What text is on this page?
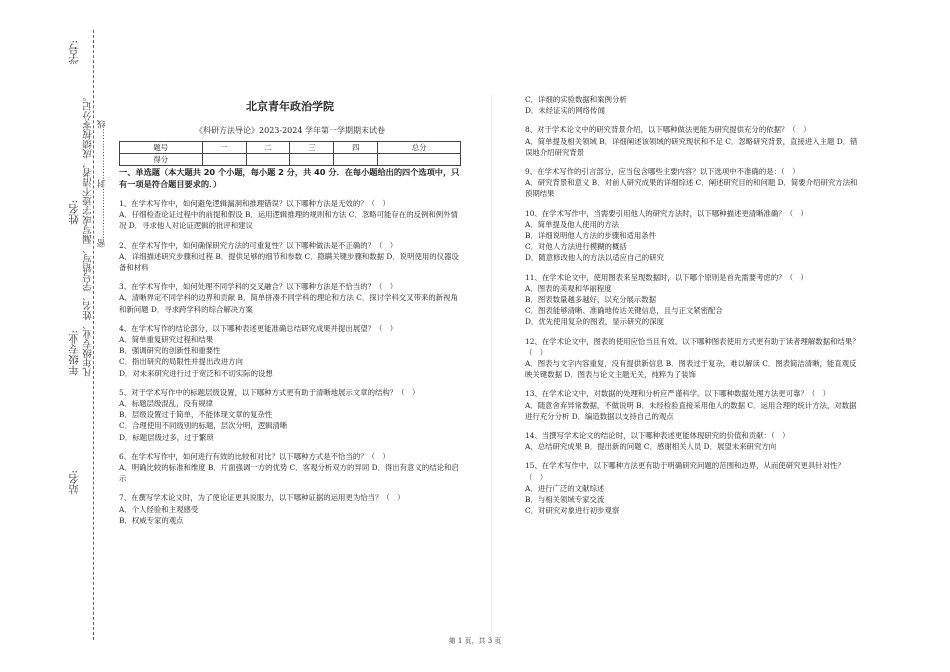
学号:
姓名:
年级专业:
站名:
凡年级专业、姓名、学号错写、漏写或字迹不清者，成绩按零分记。 密………………封………………线
北京青年政治学院
《科研方法导论》2023-2024 学年第一学期期末试卷
题号	一	二	三	四	总分
得分					

一、单选题（本大题共 20 个小题，每小题 2 分，共 40 分．在每小题给出的四个选项中，只有一项是符合题目要求的．）

1、在学术写作中，如何避免逻辑漏洞和推理错误？以下哪种方法是无效的？（　）

A．仔细检查论证过程中的前提和假设 B．运用逻辑推理的规则和方法 C．忽略可能存在的反例和例外情况 D．寻求他人对论证逻辑的批评和建议

2、在学术写作中，如何确保研究方法的可重复性？以下哪种做法是不正确的？（　）

A．详细描述研究步骤和过程 B．提供足够的细节和参数 C．隐瞒关键步骤和数据 D．说明使用的仪器设备和材料

3、在学术写作中，如何处理不同学科的交叉融合？以下哪种方法是不恰当的？（　）

A．清晰界定不同学科的边界和贡献 B．简单拼凑不同学科的理论和方法 C．探讨学科交叉带来的新视角和新问题 D．寻求跨学科的综合解决方案

4、在学术写作的结论部分，以下哪种表述更能准确总结研究成果并提出展望？（　）

A．简单重复研究过程和结果

B．强调研究的创新性和重要性

C．指出研究的局限性并提出改进方向

D．对未来研究进行过于宽泛和不切实际的设想

5、对于学术写作中的标题层级设置，以下哪种方式更有助于清晰地展示文章的结构？（　）

A．标题层级混乱，没有规律

B．层级设置过于简单，不能体现文章的复杂性

C．合理使用不同级别的标题，层次分明，逻辑清晰

D．标题层级过多，过于繁琐

6、在学术写作中，如何进行有效的比较和对比？以下哪种方式是不恰当的？（　）

A．明确比较的标准和维度 B．片面强调一方的优势 C．客观分析双方的异同 D．得出有意义的结论和启示

7、在撰写学术论文时，为了使论证更具说服力，以下哪种证据的运用更为恰当？（　）

A．个人经验和主观感受

B．权威专家的观点

C．详细的实验数据和案例分析

D．未经证实的网络传闻

8、对于学术论文中的研究背景介绍，以下哪种做法更能为研究提供充分的依据？（　）

A．简单提及相关领域 B．详细阐述该领域的研究现状和不足 C．忽略研究背景，直接进入主题 D．错误地介绍研究背景

9、在学术写作的引言部分，应当包含哪些主要内容？以下选项中不准确的是：（　）

A．研究背景和意义 B．对前人研究成果的详细综述 C．阐述研究目的和问题 D．简要介绍研究方法和预期结果

10、在学术写作中，当需要引用他人的研究方法时，以下哪种描述更清晰准确？（　）

A．简单提及他人使用的方法

B．详细说明他人方法的步骤和适用条件

C．对他人方法进行模糊的概括

D．随意修改他人的方法以适应自己的研究

11、在学术论文中，使用图表来呈现数据时，以下哪个原则是首先需要考虑的？（　）

A．图表的美观和华丽程度

B．图表数量越多越好，以充分展示数据

C．图表能够清晰、准确地传达关键信息，且与正文紧密配合

D．优先使用复杂的图表，显示研究的深度

12、在学术论文中，图表的使用应恰当且有效。以下哪种图表使用方式更有助于读者理解数据和结果？（　）

A．图表与文字内容重复，没有提供新信息 B．图表过于复杂，难以解读 C．图表简洁清晰，能直观反映关键数据 D．图表与论文主题无关，纯粹为了装饰

13、在学术论文中，对数据的处理和分析应严谨科学。以下哪种数据处理方法更可靠？（　）

A．随意舍弃异常数据，不做说明 B．未经检验直接采用他人的数据 C．运用合理的统计方法，对数据进行充分分析 D．编造数据以支持自己的观点

14、当撰写学术论文的结论时，以下哪种表述更能体现研究的价值和贡献：（　）

A．总结研究成果 B．提出新的问题 C．感谢相关人员 D．展望未来研究方向

15、在学术写作中，以下哪种方法更有助于明确研究问题的范围和边界，从而使研究更具针对性？（　）

A．进行广泛的文献综述

B．与相关领域专家交流

C．对研究对象进行初步观察

第 1 页，共 3 页
